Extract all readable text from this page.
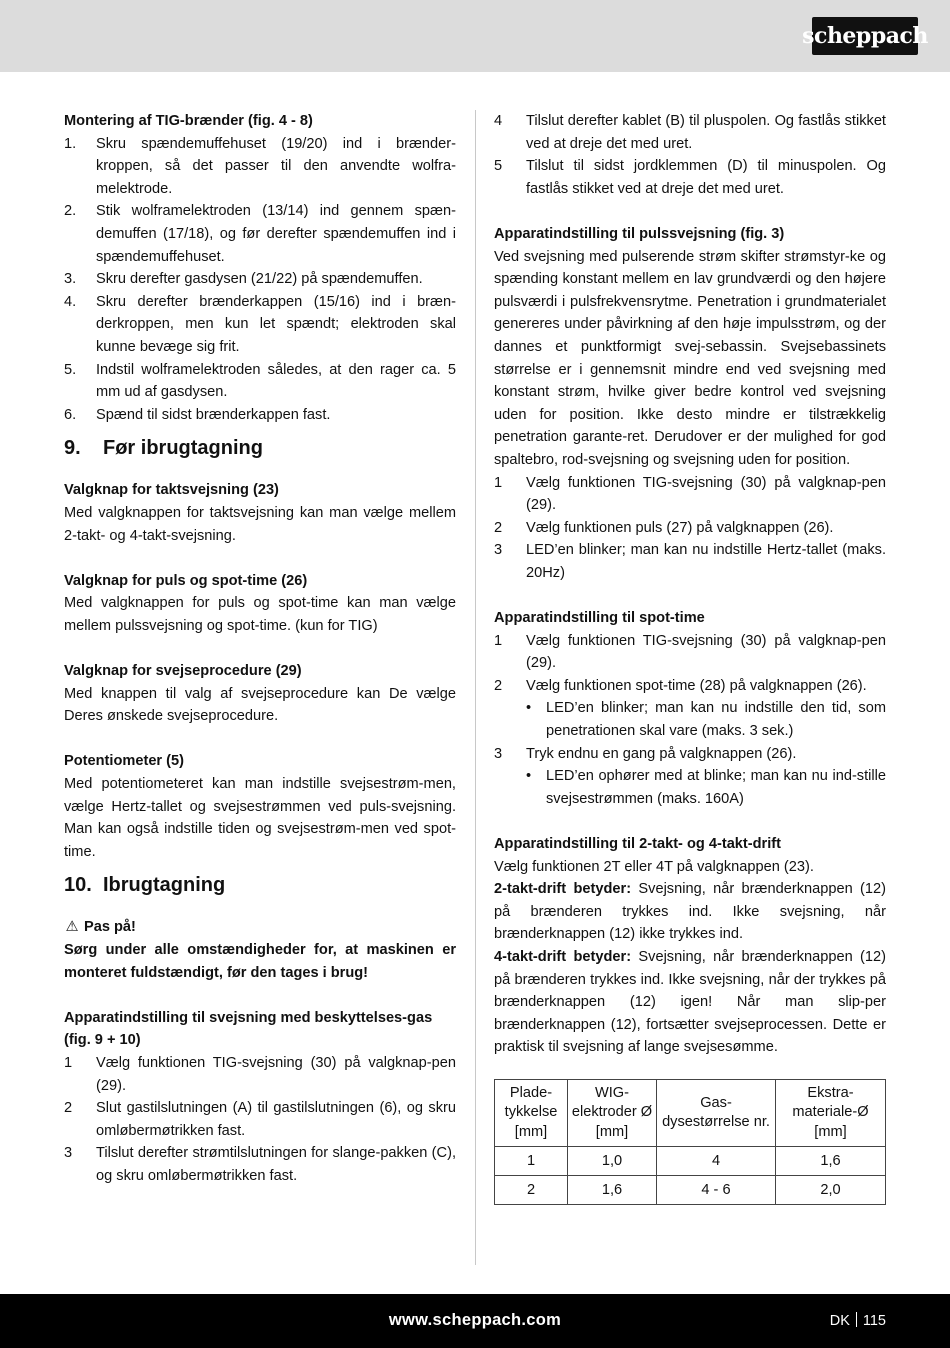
scheppach

Montering af TIG-brænder (fig. 4 - 8)

1. Skru spændemuffehuset (19/20) ind i brænder-kroppen, så det passer til den anvendte wolfra-melektrode.
2. Stik wolframelektroden (13/14) ind gennem spæn-demuffen (17/18), og før derefter spændemuffen ind i spændemuffehuset.
3. Skru derefter gasdysen (21/22) på spændemuffen.
4. Skru derefter brænderkappen (15/16) ind i bræn-derkroppen, men kun let spændt; elektroden skal kunne bevæge sig frit.
5. Indstil wolframelektroden således, at den rager ca. 5 mm ud af gasdysen.
6. Spænd til sidst brænderkappen fast.
9. Før ibrugtagning

Valgknap for taktsvejsning (23)

Med valgknappen for taktsvejsning kan man vælge mellem 2-takt- og 4-takt-svejsning.

Valgknap for puls og spot-time (26)

Med valgknappen for puls og spot-time kan man vælge mellem pulssvejsning og spot-time. (kun for TIG)

Valgknap for svejseprocedure (29)

Med knappen til valg af svejseprocedure kan De vælge Deres ønskede svejseprocedure.

Potentiometer (5)

Med potentiometeret kan man indstille svejsestrøm-men, vælge Hertz-tallet og svejsestrømmen ved puls-svejsning. Man kan også indstille tiden og svejsestrøm-men ved spot-time.

10. Ibrugtagning

⚠ Pas på!

Sørg under alle omstændigheder for, at maskinen er monteret fuldstændigt, før den tages i brug!

Apparatindstilling til svejsning med beskyttelses-gas

(fig. 9 + 10)

1 Vælg funktionen TIG-svejsning (30) på valgknap-pen (29).
2 Slut gastilslutningen (A) til gastilslutningen (6), og skru omløbermøtrikken fast.
3 Tilslut derefter strømtilslutningen for slange-pakken (C), og skru omløbermøtrikken fast.
4 Tilslut derefter kablet (B) til pluspolen. Og fastlås stikket ved at dreje det med uret.
5 Tilslut til sidst jordklemmen (D) til minuspolen. Og fastlås stikket ved at dreje det med uret.

Apparatindstilling til pulssvejsning (fig. 3)

Ved svejsning med pulserende strøm skifter strømstyr-ke og spænding konstant mellem en lav grundværdi og den højere pulsværdi i pulsfrekvensrytme. Penetration i grundmaterialet genereres under påvirkning af den høje impulsstrøm, og der dannes et punktformigt svej-sebassin. Svejsebassinets størrelse er i gennemsnit mindre end ved svejsning med konstant strøm, hvilke giver bedre kontrol ved svejsning uden for position. Ikke desto mindre er tilstrækkelig penetration garante-ret. Derudover er der mulighed for god spaltebro, rod-svejsning og svejsning uden for position.

1 Vælg funktionen TIG-svejsning (30) på valgknap-pen (29).
2 Vælg funktionen puls (27) på valgknappen (26).
3 LED’en blinker; man kan nu indstille Hertz-tallet (maks. 20Hz)

Apparatindstilling til spot-time

1 Vælg funktionen TIG-svejsning (30) på valgknap-pen (29).
2 Vælg funktionen spot-time (28) på valgknappen (26).
• LED’en blinker; man kan nu indstille den tid, som penetrationen skal vare (maks. 3 sek.)
3 Tryk endnu en gang på valgknappen (26).
• LED’en ophører med at blinke; man kan nu ind-stille svejsestrømmen (maks. 160A)

Apparatindstilling til 2-takt- og 4-takt-drift

Vælg funktionen 2T eller 4T på valgknappen (23).

2-takt-drift betyder: Svejsning, når brænderknappen (12) på brænderen trykkes ind. Ikke svejsning, når brænderknappen (12) ikke trykkes ind.

4-takt-drift betyder: Svejsning, når brænderknappen (12) på brænderen trykkes ind. Ikke svejsning, når der trykkes på brænderknappen (12) igen! Når man slip-per brænderknappen (12), fortsætter svejseprocessen. Dette er praktisk til svejsning af lange svejsesømme.

Plade-tykkelse [mm]	WIG-elektroder Ø [mm]	Gas-dysestørrelse nr.	Ekstra-materiale-Ø [mm]
1	1,0	4	1,6
2	1,6	4 - 6	2,0
www.scheppach.com	DK 115
